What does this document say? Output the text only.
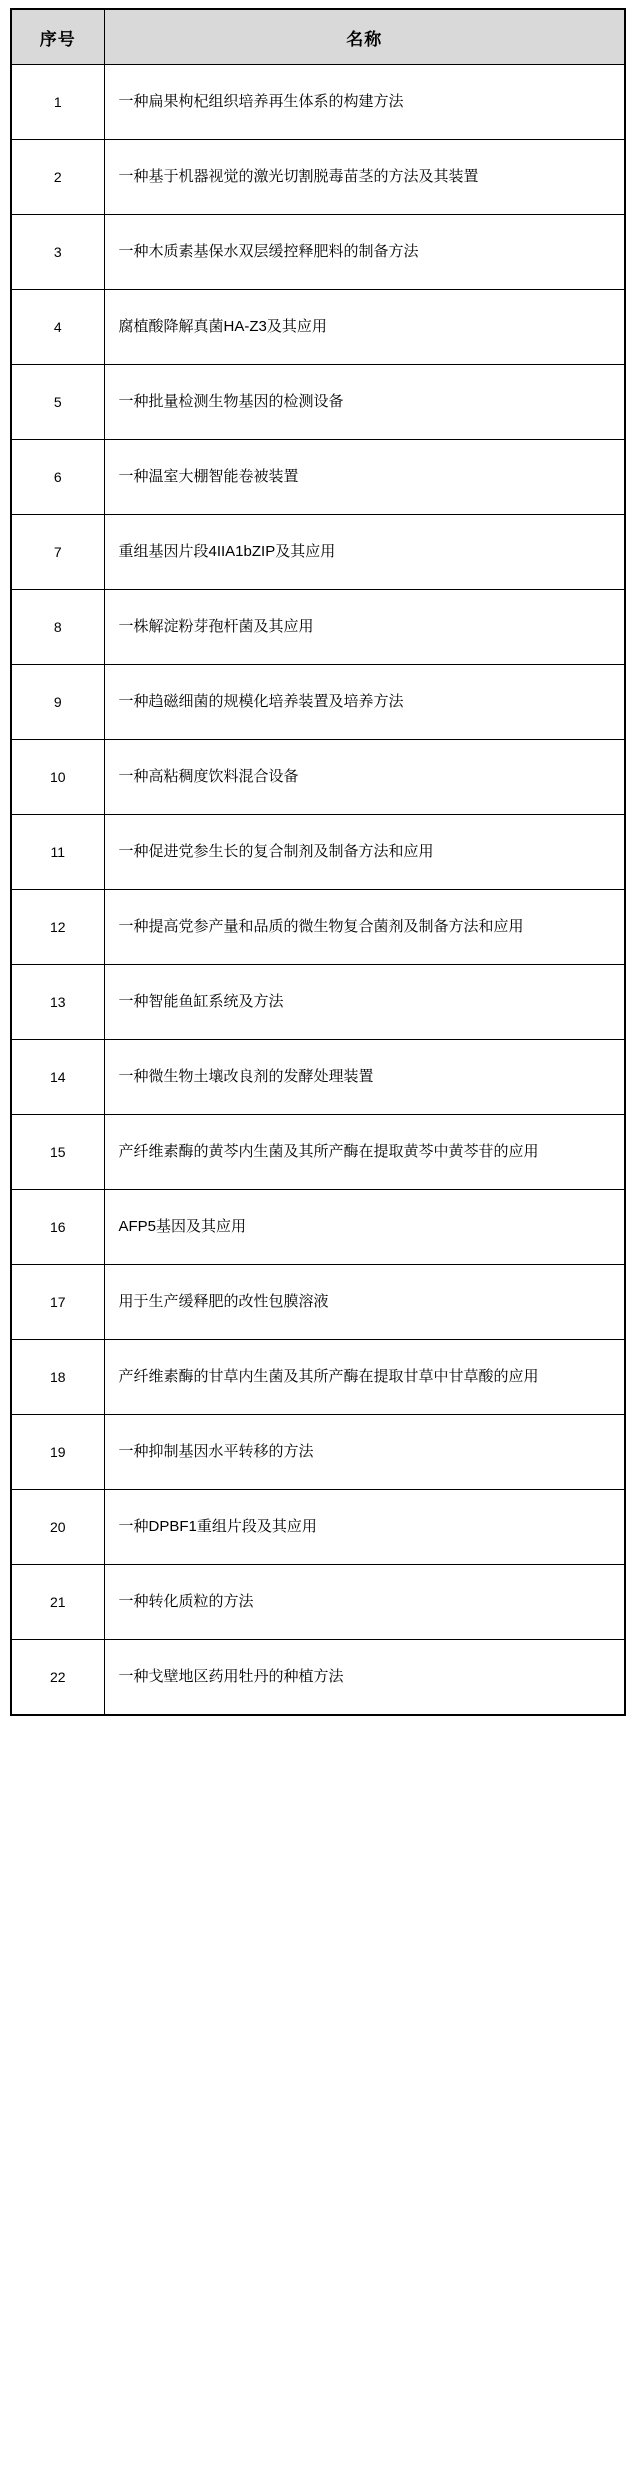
序号	名称
1	一种扁果枸杞组织培养再生体系的构建方法
2	一种基于机器视觉的激光切割脱毒苗茎的方法及其装置
3	一种木质素基保水双层缓控释肥料的制备方法
4	腐植酸降解真菌HA-Z3及其应用
5	一种批量检测生物基因的检测设备
6	一种温室大棚智能卷被装置
7	重组基因片段4IIA1bZIP及其应用
8	一株解淀粉芽孢杆菌及其应用
9	一种趋磁细菌的规模化培养装置及培养方法
10	一种高粘稠度饮料混合设备
11	一种促进党参生长的复合制剂及制备方法和应用
12	一种提高党参产量和品质的微生物复合菌剂及制备方法和应用
13	一种智能鱼缸系统及方法
14	一种微生物土壤改良剂的发酵处理装置
15	产纤维素酶的黄芩内生菌及其所产酶在提取黄芩中黄芩苷的应用
16	AFP5基因及其应用
17	用于生产缓释肥的改性包膜溶液
18	产纤维素酶的甘草内生菌及其所产酶在提取甘草中甘草酸的应用
19	一种抑制基因水平转移的方法
20	一种DPBF1重组片段及其应用
21	一种转化质粒的方法
22	一种戈壁地区药用牡丹的种植方法
